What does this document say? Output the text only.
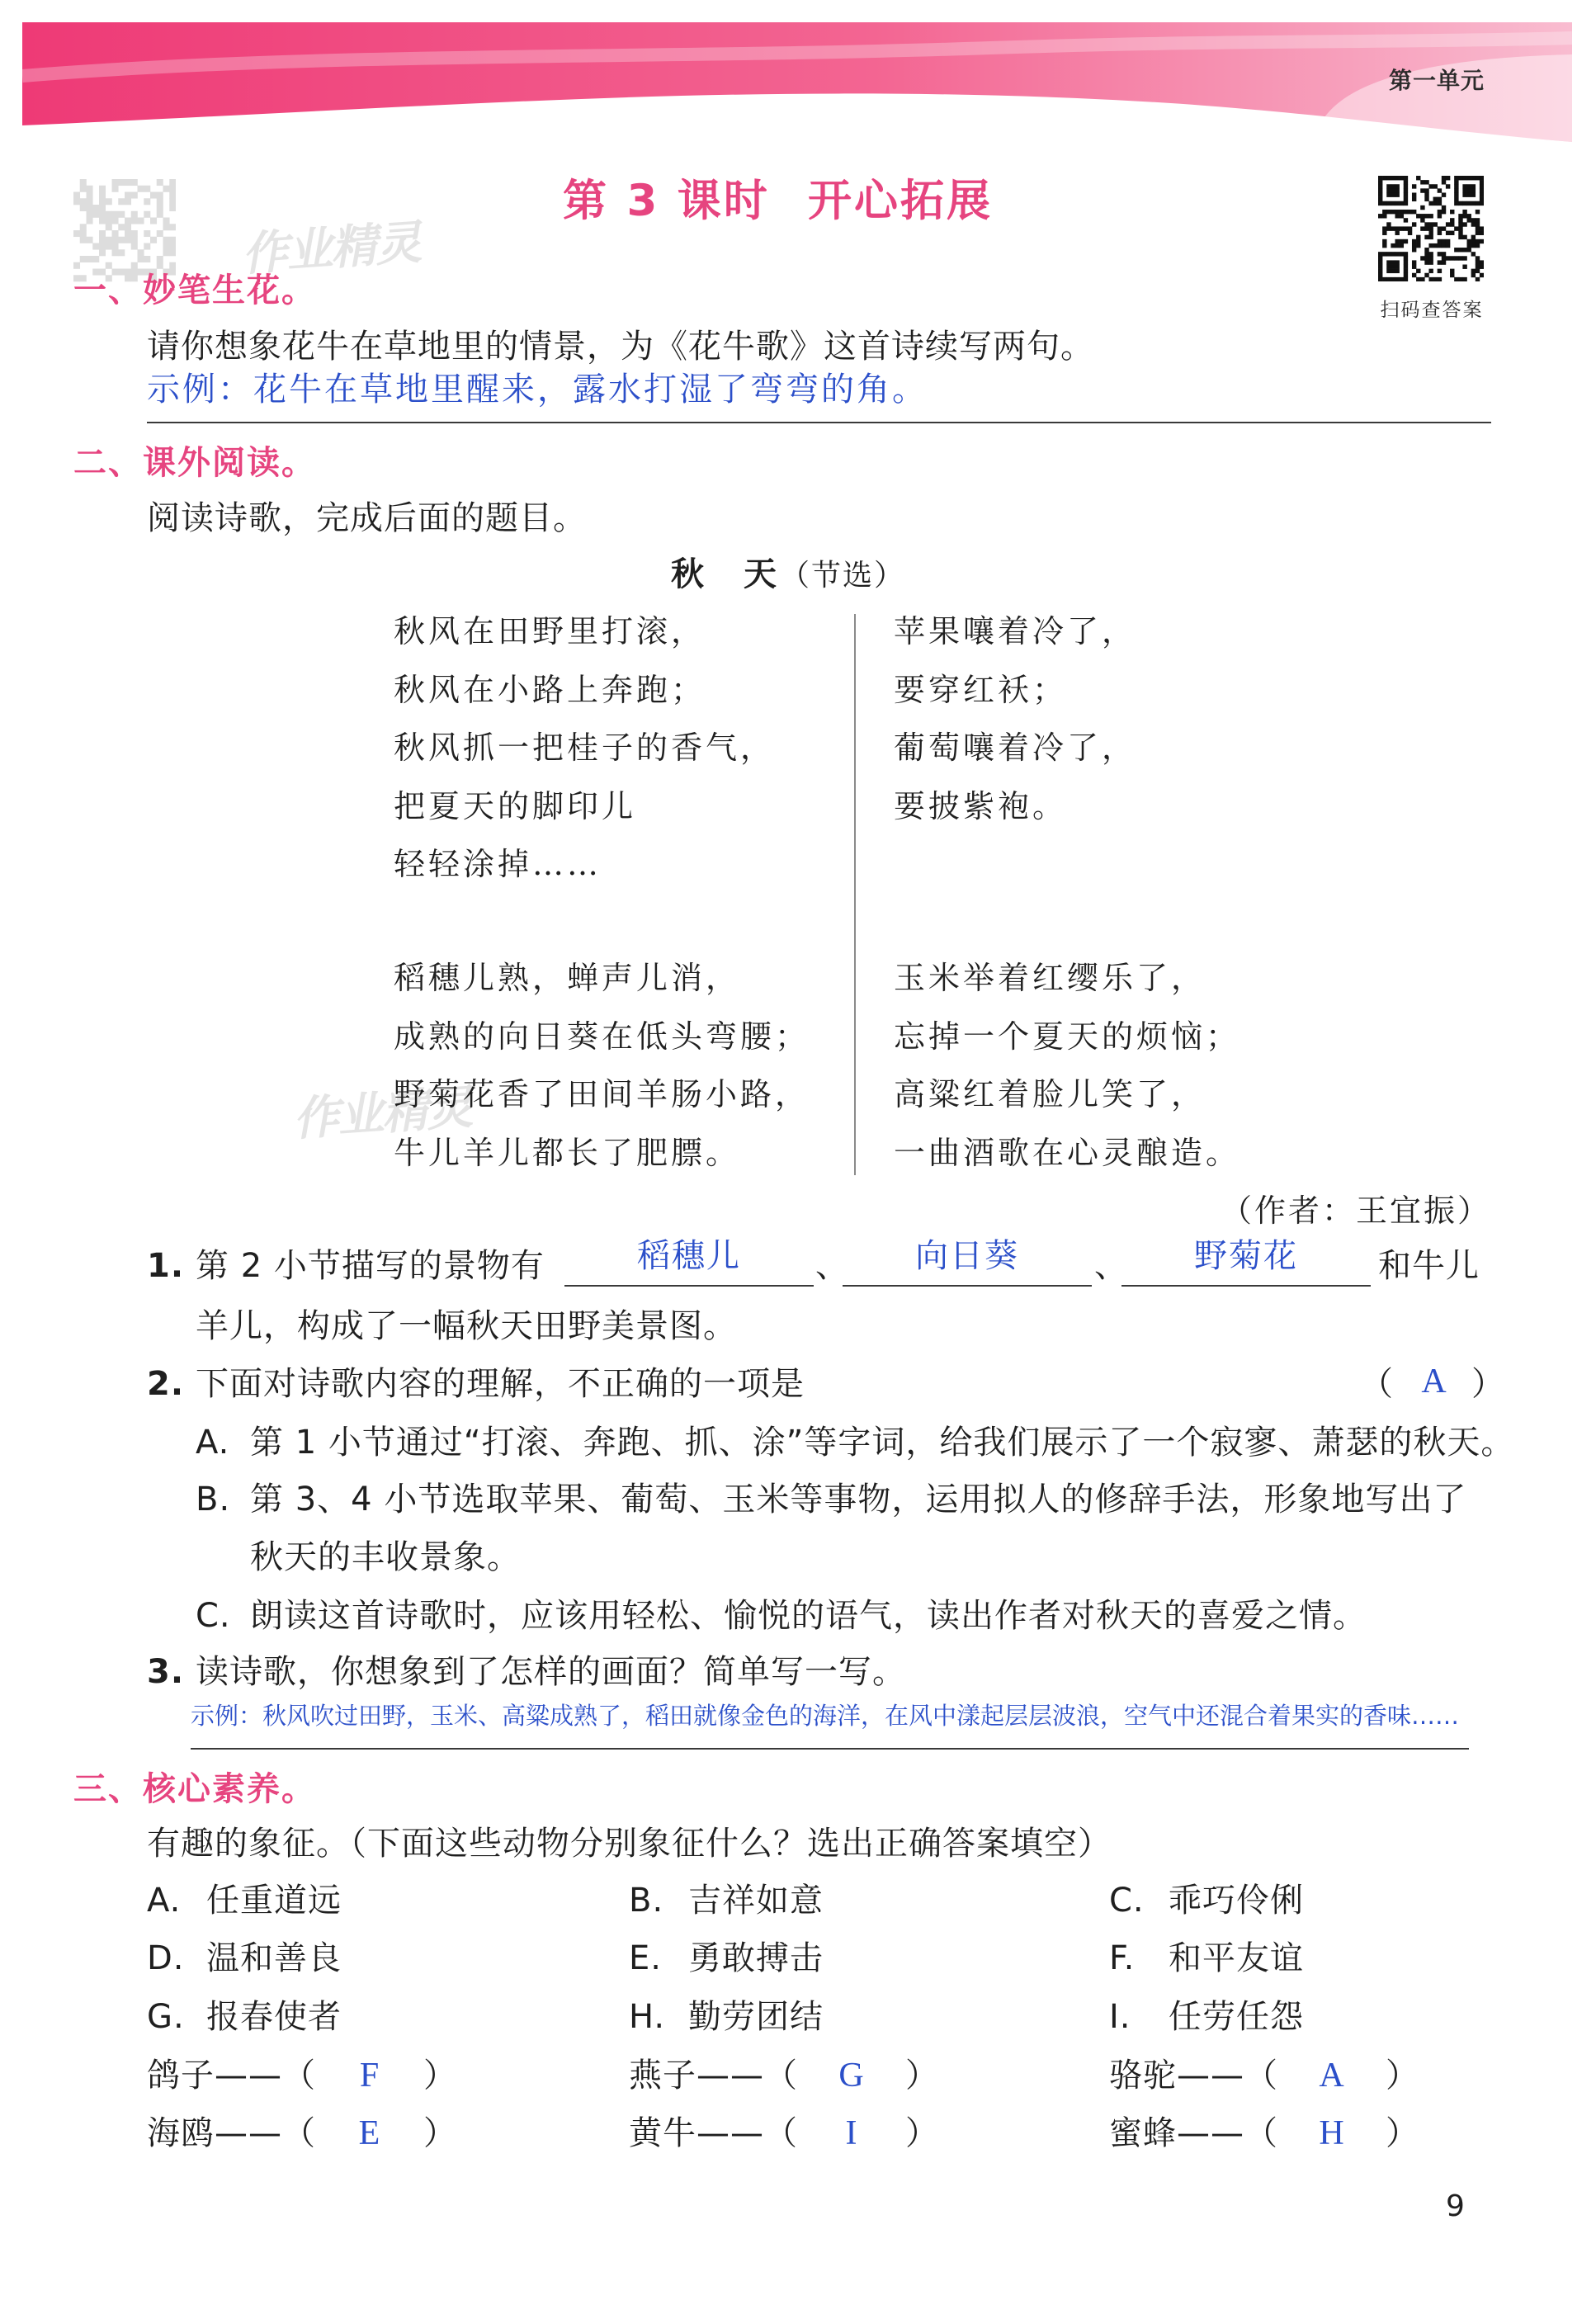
第一单元
作业精灵
作业精灵
第 3 课时 开心拓展
扫码查答案
一、妙笔生花。
请你想象花牛在草地里的情景，为《花牛歌》这首诗续写两句。
示例：花牛在草地里醒来，露水打湿了弯弯的角。
二、课外阅读。
阅读诗歌，完成后面的题目。
秋　天（节选）
秋风在田野里打滚，
秋风在小路上奔跑；
秋风抓一把桂子的香气，
把夏天的脚印儿
轻轻涂掉……
苹果嚷着冷了，
要穿红袄；
葡萄嚷着冷了，
要披紫袍。
稻穗儿熟，蝉声儿消，
成熟的向日葵在低头弯腰；
野菊花香了田间羊肠小路，
牛儿羊儿都长了肥膘。
玉米举着红缨乐了，
忘掉一个夏天的烦恼；
高粱红着脸儿笑了，
一曲酒歌在心灵酿造。
（作者：王宜振）
1. 第 2 小节描写的景物有	稻穗儿	、	向日葵	、	野菊花	和牛儿
羊儿，构成了一幅秋天田野美景图。
2. 下面对诗歌内容的理解，不正确的一项是	（ A ）
A. 第 1 小节通过“打滚、奔跑、抓、涂”等字词，给我们展示了一个寂寥、萧瑟的秋天。
B. 第 3、4 小节选取苹果、葡萄、玉米等事物，运用拟人的修辞手法，形象地写出了
秋天的丰收景象。
C. 朗读这首诗歌时，应该用轻松、愉悦的语气，读出作者对秋天的喜爱之情。
3. 读诗歌，你想象到了怎样的画面？简单写一写。
示例：秋风吹过田野，玉米、高粱成熟了，稻田就像金色的海洋，在风中漾起层层波浪，空气中还混合着果实的香味……
三、核心素养。
有趣的象征。（下面这些动物分别象征什么？选出正确答案填空）
A. 任重道远	B. 吉祥如意	C. 乖巧伶俐
D. 温和善良	E. 勇敢搏击	F. 和平友谊
G. 报春使者	H. 勤劳团结	I. 任劳任怨
鸽子——（ F ）	燕子——（ G ）	骆驼——（ A ）
海鸥——（ E ）	黄牛——（ I ）	蜜蜂——（ H ）
9
